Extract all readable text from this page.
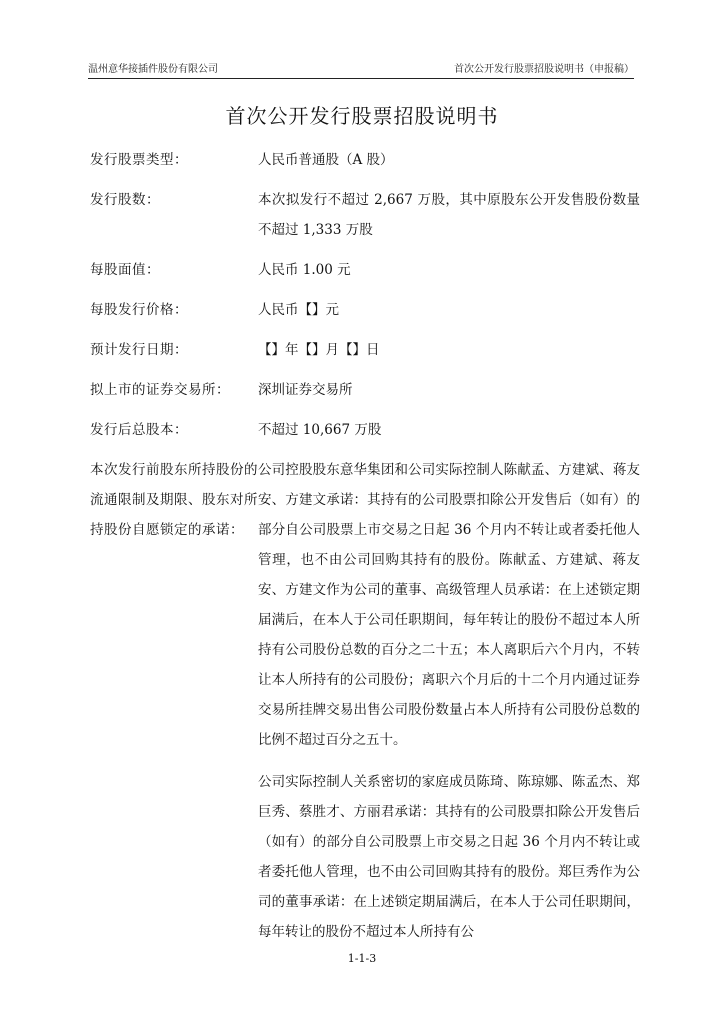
温州意华接插件股份有限公司	首次公开发行股票招股说明书（申报稿）
首次公开发行股票招股说明书
发行股票类型：	人民币普通股（A 股）
发行股数：	本次拟发行不超过 2,667 万股，其中原股东公开发售股份数量不超过 1,333 万股
每股面值：	人民币 1.00 元
每股发行价格：	人民币【】元
预计发行日期：	【】年【】月【】日
拟上市的证券交易所：	深圳证券交易所
发行后总股本：	不超过 10,667 万股
本次发行前股东所持股份的流通限制及期限、股东对所持股份自愿锁定的承诺：

公司控股股东意华集团和公司实际控制人陈献孟、方建斌、蒋友安、方建文承诺：其持有的公司股票扣除公开发售后（如有）的部分自公司股票上市交易之日起 36 个月内不转让或者委托他人管理，也不由公司回购其持有的股份。陈献孟、方建斌、蒋友安、方建文作为公司的董事、高级管理人员承诺：在上述锁定期届满后，在本人于公司任职期间，每年转让的股份不超过本人所持有公司股份总数的百分之二十五；本人离职后六个月内，不转让本人所持有的公司股份；离职六个月后的十二个月内通过证券交易所挂牌交易出售公司股份数量占本人所持有公司股份总数的比例不超过百分之五十。

公司实际控制人关系密切的家庭成员陈琦、陈琼娜、陈孟杰、郑巨秀、蔡胜才、方丽君承诺：其持有的公司股票扣除公开发售后（如有）的部分自公司股票上市交易之日起 36 个月内不转让或者委托他人管理，也不由公司回购其持有的股份。郑巨秀作为公司的董事承诺：在上述锁定期届满后，在本人于公司任职期间，每年转让的股份不超过本人所持有公

1-1-3
